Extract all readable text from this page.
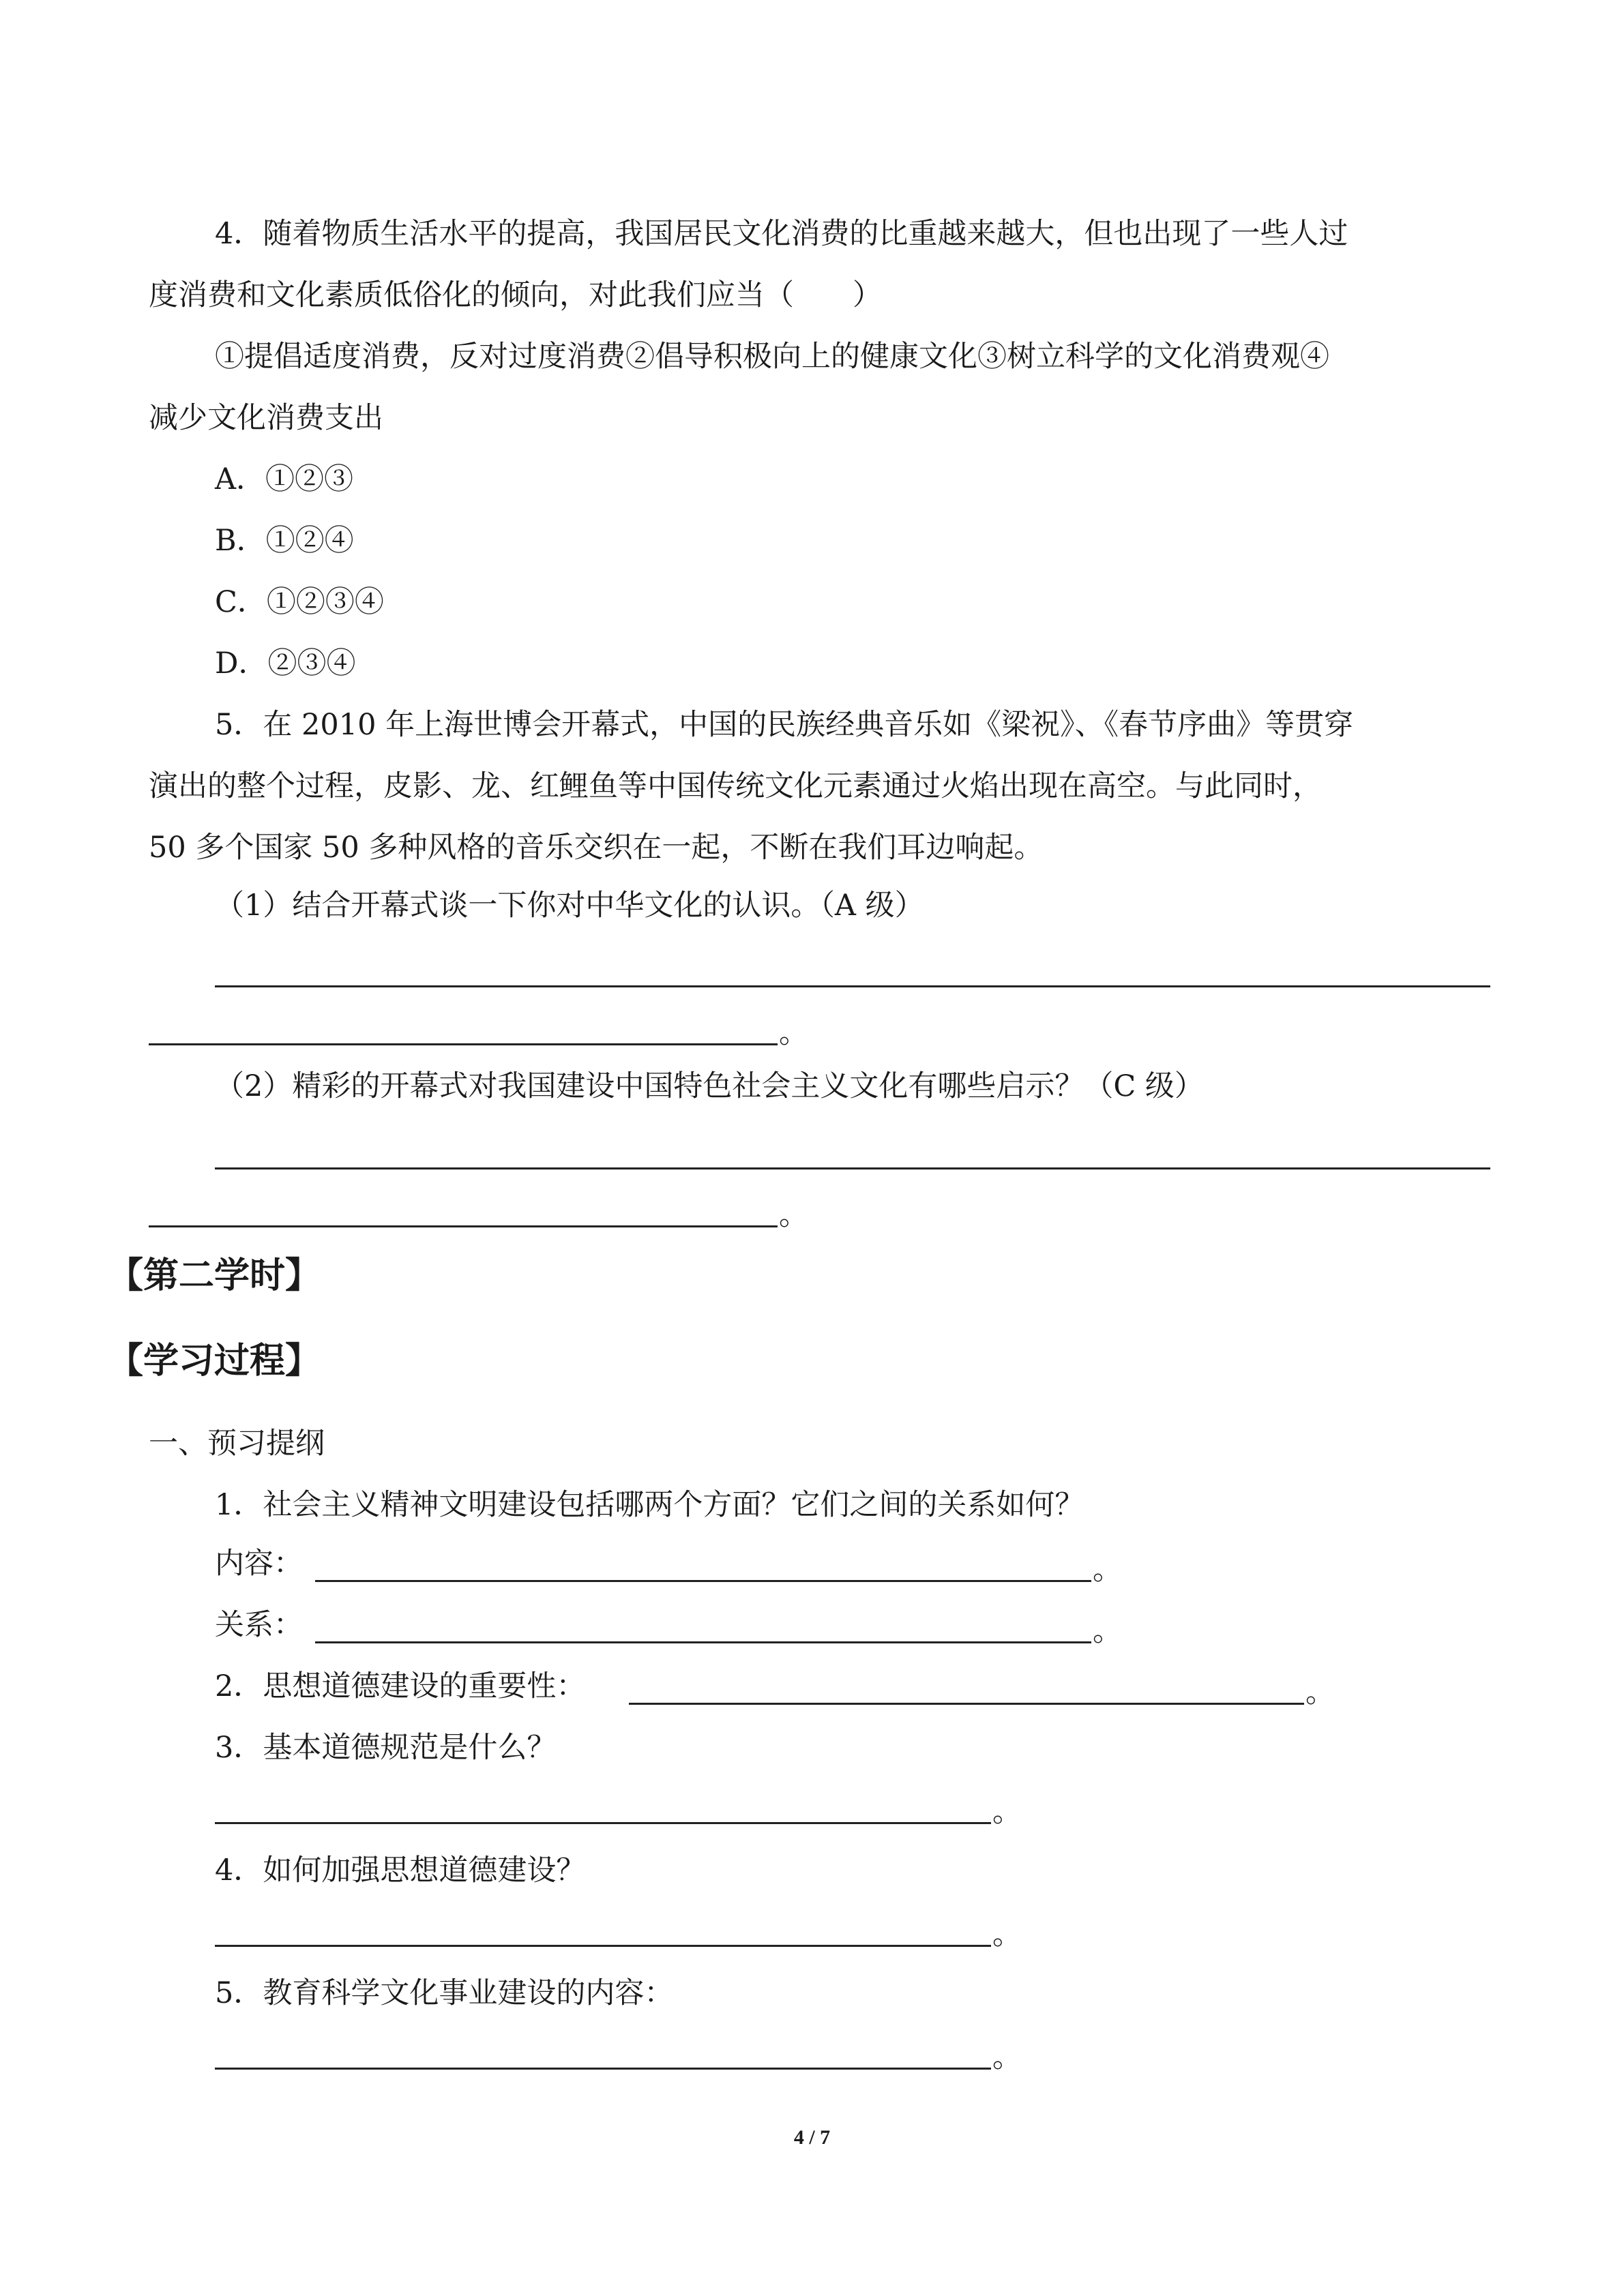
4．随着物质生活水平的提高，我国居民文化消费的比重越来越大，但也出现了一些人过
度消费和文化素质低俗化的倾向，对此我们应当（　　）
①提倡适度消费，反对过度消费②倡导积极向上的健康文化③树立科学的文化消费观④
减少文化消费支出
A．①②③
B．①②④
C．①②③④
D．②③④
5．在 2010 年上海世博会开幕式，中国的民族经典音乐如《梁祝》、《春节序曲》等贯穿
演出的整个过程，皮影、龙、红鲤鱼等中国传统文化元素通过火焰出现在高空。与此同时，
50 多个国家 50 多种风格的音乐交织在一起，不断在我们耳边响起。
（1）结合开幕式谈一下你对中华文化的认识。（A 级）
。
（2）精彩的开幕式对我国建设中国特色社会主义文化有哪些启示？（C 级）
。
【第二学时】
【学习过程】
一、预习提纲
1．社会主义精神文明建设包括哪两个方面？它们之间的关系如何？
内容：	。
关系：	。
2．思想道德建设的重要性：	。
3．基本道德规范是什么？
。
4．如何加强思想道德建设？
。
5．教育科学文化事业建设的内容：
。
4 / 7
